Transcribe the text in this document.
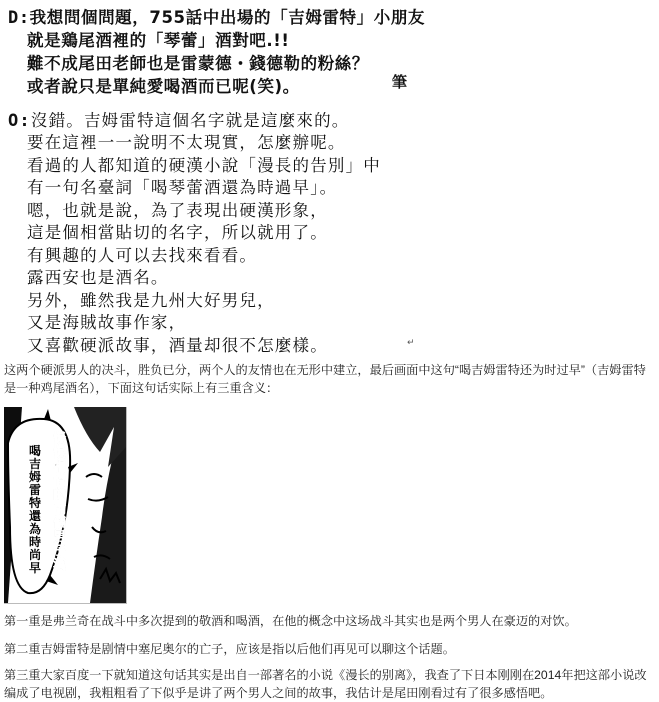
D:我想問個問題，755話中出場的「吉姆雷特」小朋友
就是鶏尾酒裡的「琴蕾」酒對吧.!!
難不成尾田老師也是雷蒙德・錢德勒的粉絲？
或者說只是單純愛喝酒而已呢(笑)。	筆
O:沒錯。吉姆雷特這個名字就是這麼來的。
要在這裡一一說明不太現實，怎麼辦呢。
看過的人都知道的硬漢小說「漫長的告別」中
有一句名臺詞「喝琴蕾酒還為時過早」。
嗯，也就是說，為了表現出硬漢形象，
這是個相當貼切的名字，所以就用了。
有興趣的人可以去找來看看。
露西安也是酒名。
另外，雖然我是九州大好男兒，
又是海賊故事作家，
又喜歡硬派故事，酒量却很不怎麼樣。	↵

这两个硬派男人的决斗，胜负已分，两个人的友情也在无形中建立，最后画面中这句“喝吉姆雷特还为时过早”（吉姆雷特是一种鸡尾酒名），下面这句话实际上有三重含义：

慢慢相惜的兩個男子漢
喝吉姆雷特還為時尚早

第一重是弗兰奇在战斗中多次提到的敬酒和喝酒，在他的概念中这场战斗其实也是两个男人在豪迈的对饮。

第二重吉姆雷特是剧情中塞尼奥尔的亡子，应该是指以后他们再见可以聊这个话题。

第三重大家百度一下就知道这句话其实是出自一部著名的小说《漫长的别离》，我查了下日本刚刚在2014年把这部小说改编成了电视剧，我粗粗看了下似乎是讲了两个男人之间的故事，我估计是尾田刚看过有了很多感悟吧。
